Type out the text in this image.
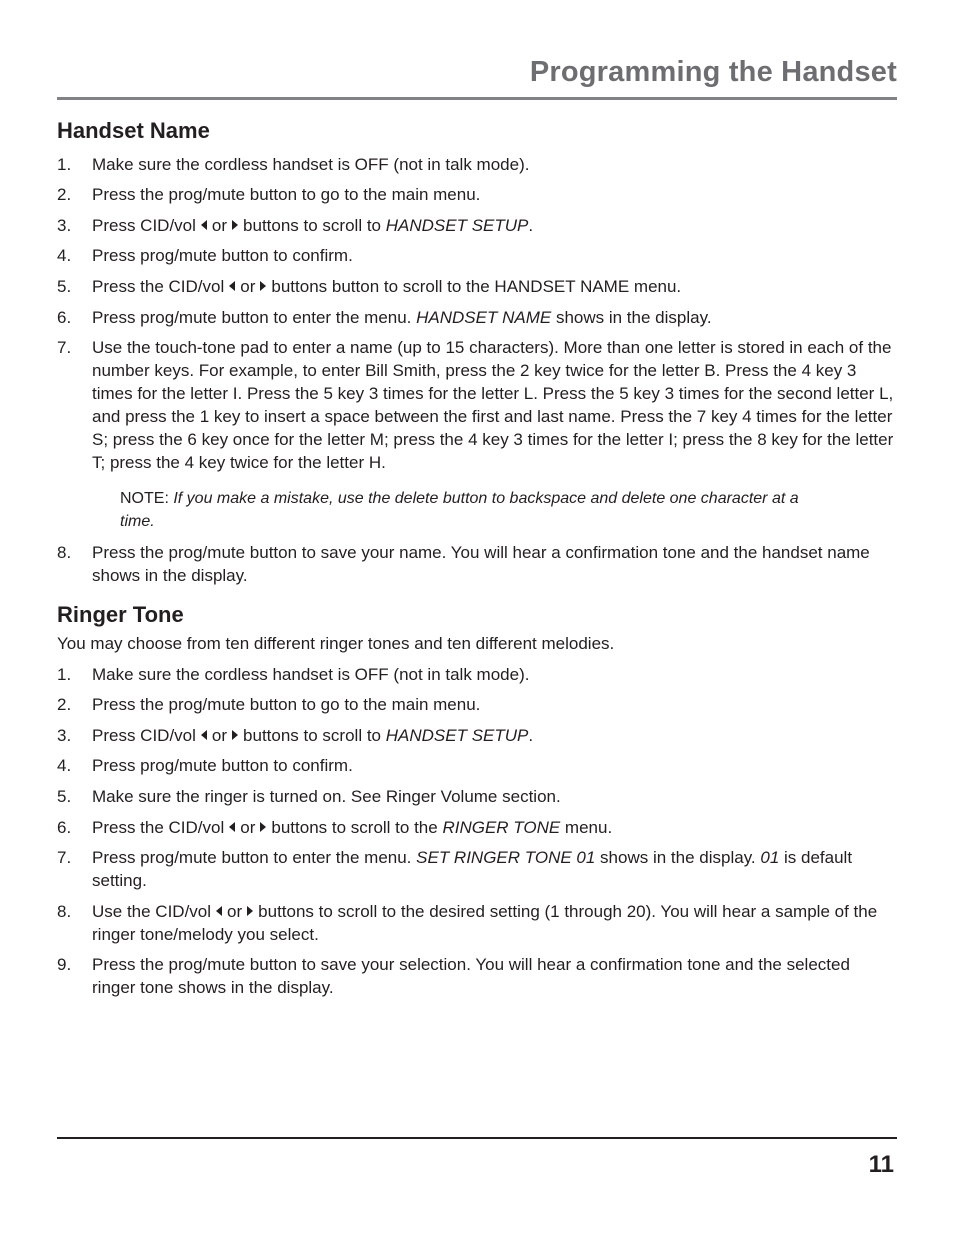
Programming the Handset
Handset Name
1. Make sure the cordless handset is OFF (not in talk mode).
2. Press the prog/mute button to go to the main menu.
3. Press CID/vol or buttons to scroll to HANDSET SETUP.
4. Press prog/mute button to confirm.
5. Press the CID/vol or buttons button to scroll to the HANDSET NAME menu.
6. Press prog/mute button to enter the menu. HANDSET NAME shows in the display.
7. Use the touch-tone pad to enter a name (up to 15 characters). More than one letter is stored in each of the number keys. For example, to enter Bill Smith, press the 2 key twice for the letter B. Press the 4 key 3 times for the letter I. Press the 5 key 3 times for the letter L. Press the 5 key 3 times for the second letter L, and press the 1 key to insert a space between the first and last name. Press the 7 key 4 times for the letter S; press the 6 key once for the letter M; press the 4 key 3 times for the letter I; press the 8 key for the letter T; press the 4 key twice for the letter H.
NOTE: If you make a mistake, use the delete button to backspace and delete one character at a time.
8. Press the prog/mute button to save your name. You will hear a confirmation tone and the handset name shows in the display.
Ringer Tone

You may choose from ten different ringer tones and ten different melodies.

1. Make sure the cordless handset is OFF (not in talk mode).
2. Press the prog/mute button to go to the main menu.
3. Press CID/vol or buttons to scroll to HANDSET SETUP.
4. Press prog/mute button to confirm.
5. Make sure the ringer is turned on. See Ringer Volume section.
6. Press the CID/vol or buttons to scroll to the RINGER TONE menu.
7. Press prog/mute button to enter the menu. SET RINGER TONE 01 shows in the display. 01 is default setting.
8. Use the CID/vol or buttons to scroll to the desired setting (1 through 20). You will hear a sample of the ringer tone/melody you select.
9. Press the prog/mute button to save your selection. You will hear a confirmation tone and the selected ringer tone shows in the display.
11
